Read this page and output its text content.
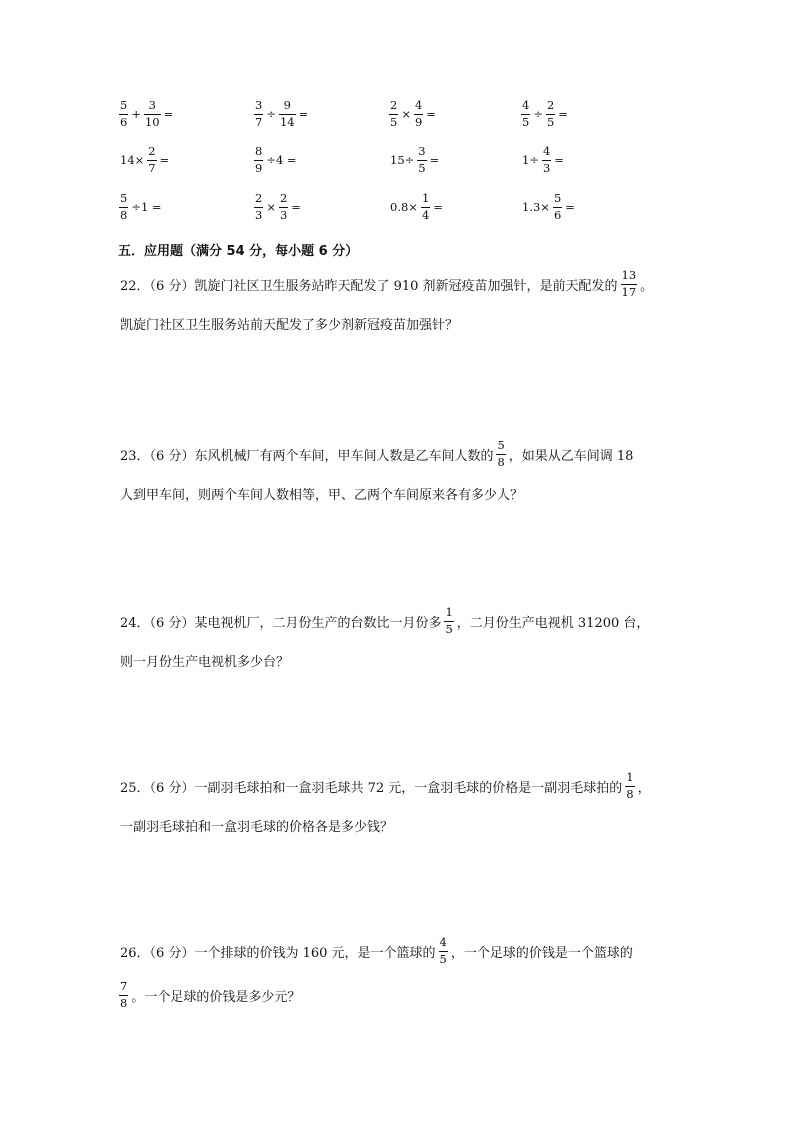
$\frac{5}{6} + \frac{3}{10}$ =	$\frac{3}{7} \div \frac{9}{14}$ =	$\frac{2}{5} \times \frac{4}{9}$ =	$\frac{4}{5} \div \frac{2}{5}$ =
$14\times \frac{2}{7}$ =	$\frac{8}{9} \div 4$ =	$15\div \frac{3}{5}$ =	$1\div \frac{4}{3}$ =
$\frac{5}{8} \div 1$ =	$\frac{2}{3} \times \frac{2}{3}$ =	$0.8\times \frac{1}{4}$ =	$1.3\times \frac{5}{6}$ =
五．应用题（满分 54 分，每小题 6 分）
22．（6 分）凯旋门社区卫生服务站昨天配发了 910 剂新冠疫苗加强针，是前天配发的 $\frac{13}{17}$ 。
凯旋门社区卫生服务站前天配发了多少剂新冠疫苗加强针？
23．（6 分）东风机械厂有两个车间，甲车间人数是乙车间人数的 $\frac{5}{8}$ ，如果从乙车间调 18
人到甲车间，则两个车间人数相等，甲、乙两个车间原来各有多少人？
24．（6 分）某电视机厂，二月份生产的台数比一月份多 $\frac{1}{5}$ ，二月份生产电视机 31200 台，
则一月份生产电视机多少台？
25．（6 分）一副羽毛球拍和一盒羽毛球共 72 元，一盒羽毛球的价格是一副羽毛球拍的 $\frac{1}{8}$ ，
一副羽毛球拍和一盒羽毛球的价格各是多少钱？
26．（6 分）一个排球的价钱为 160 元，是一个篮球的 $\frac{4}{5}$ ，一个足球的价钱是一个篮球的
$\frac{7}{8}$ 。一个足球的价钱是多少元？
